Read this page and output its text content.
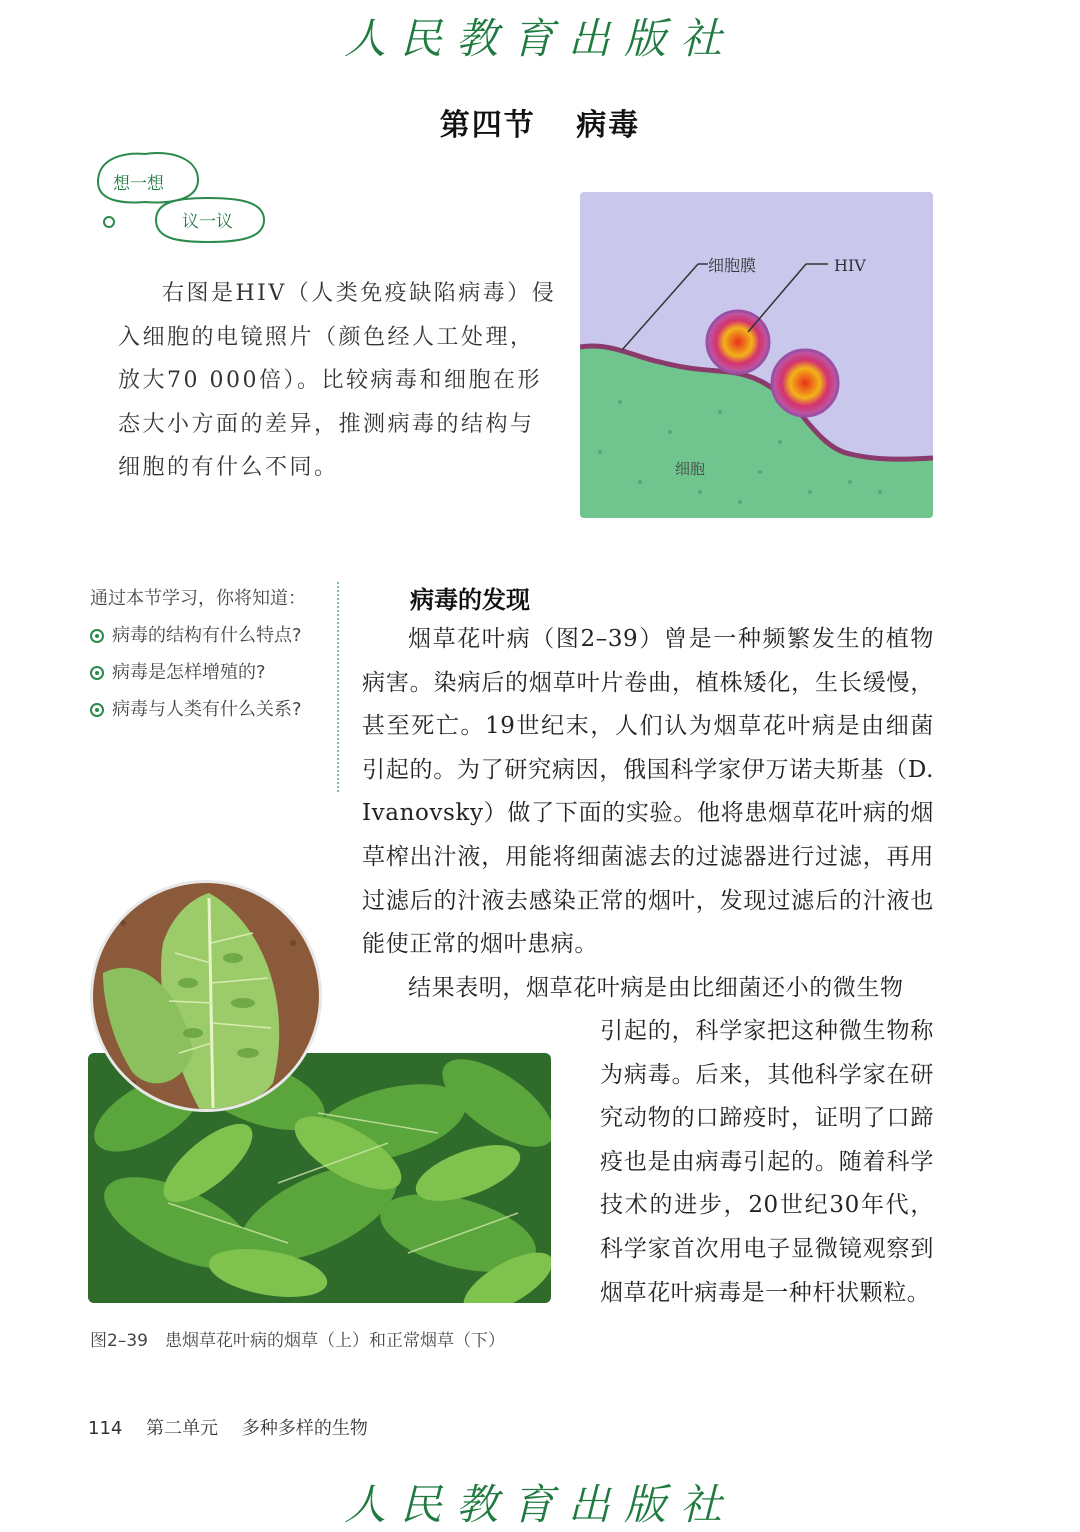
人民教育出版社
第四节 病毒
想一想
议一议

右图是HIV（人类免疫缺陷病毒）侵入细胞的电镜照片（颜色经人工处理，放大70 000倍）。比较病毒和细胞在形态大小方面的差异，推测病毒的结构与细胞的有什么不同。

细胞膜	HIV
细胞
通过本节学习，你将知道：
病毒的结构有什么特点?
病毒是怎样增殖的?
病毒与人类有什么关系?
病毒的发现

烟草花叶病（图2–39）曾是一种频繁发生的植物病害。染病后的烟草叶片卷曲，植株矮化，生长缓慢，甚至死亡。19世纪末，人们认为烟草花叶病是由细菌引起的。为了研究病因，俄国科学家伊万诺夫斯基（D. Ivanovsky）做了下面的实验。他将患烟草花叶病的烟草榨出汁液，用能将细菌滤去的过滤器进行过滤，再用过滤后的汁液去感染正常的烟叶，发现过滤后的汁液也能使正常的烟叶患病。

结果表明，烟草花叶病是由比细菌还小的微生物

引起的，科学家把这种微生物称为病毒。后来，其他科学家在研究动物的口蹄疫时，证明了口蹄疫也是由病毒引起的。随着科学技术的进步，20世纪30年代，科学家首次用电子显微镜观察到烟草花叶病毒是一种杆状颗粒。
图2–39　患烟草花叶病的烟草（上）和正常烟草（下）
114 第二单元 多种多样的生物
人民教育出版社
